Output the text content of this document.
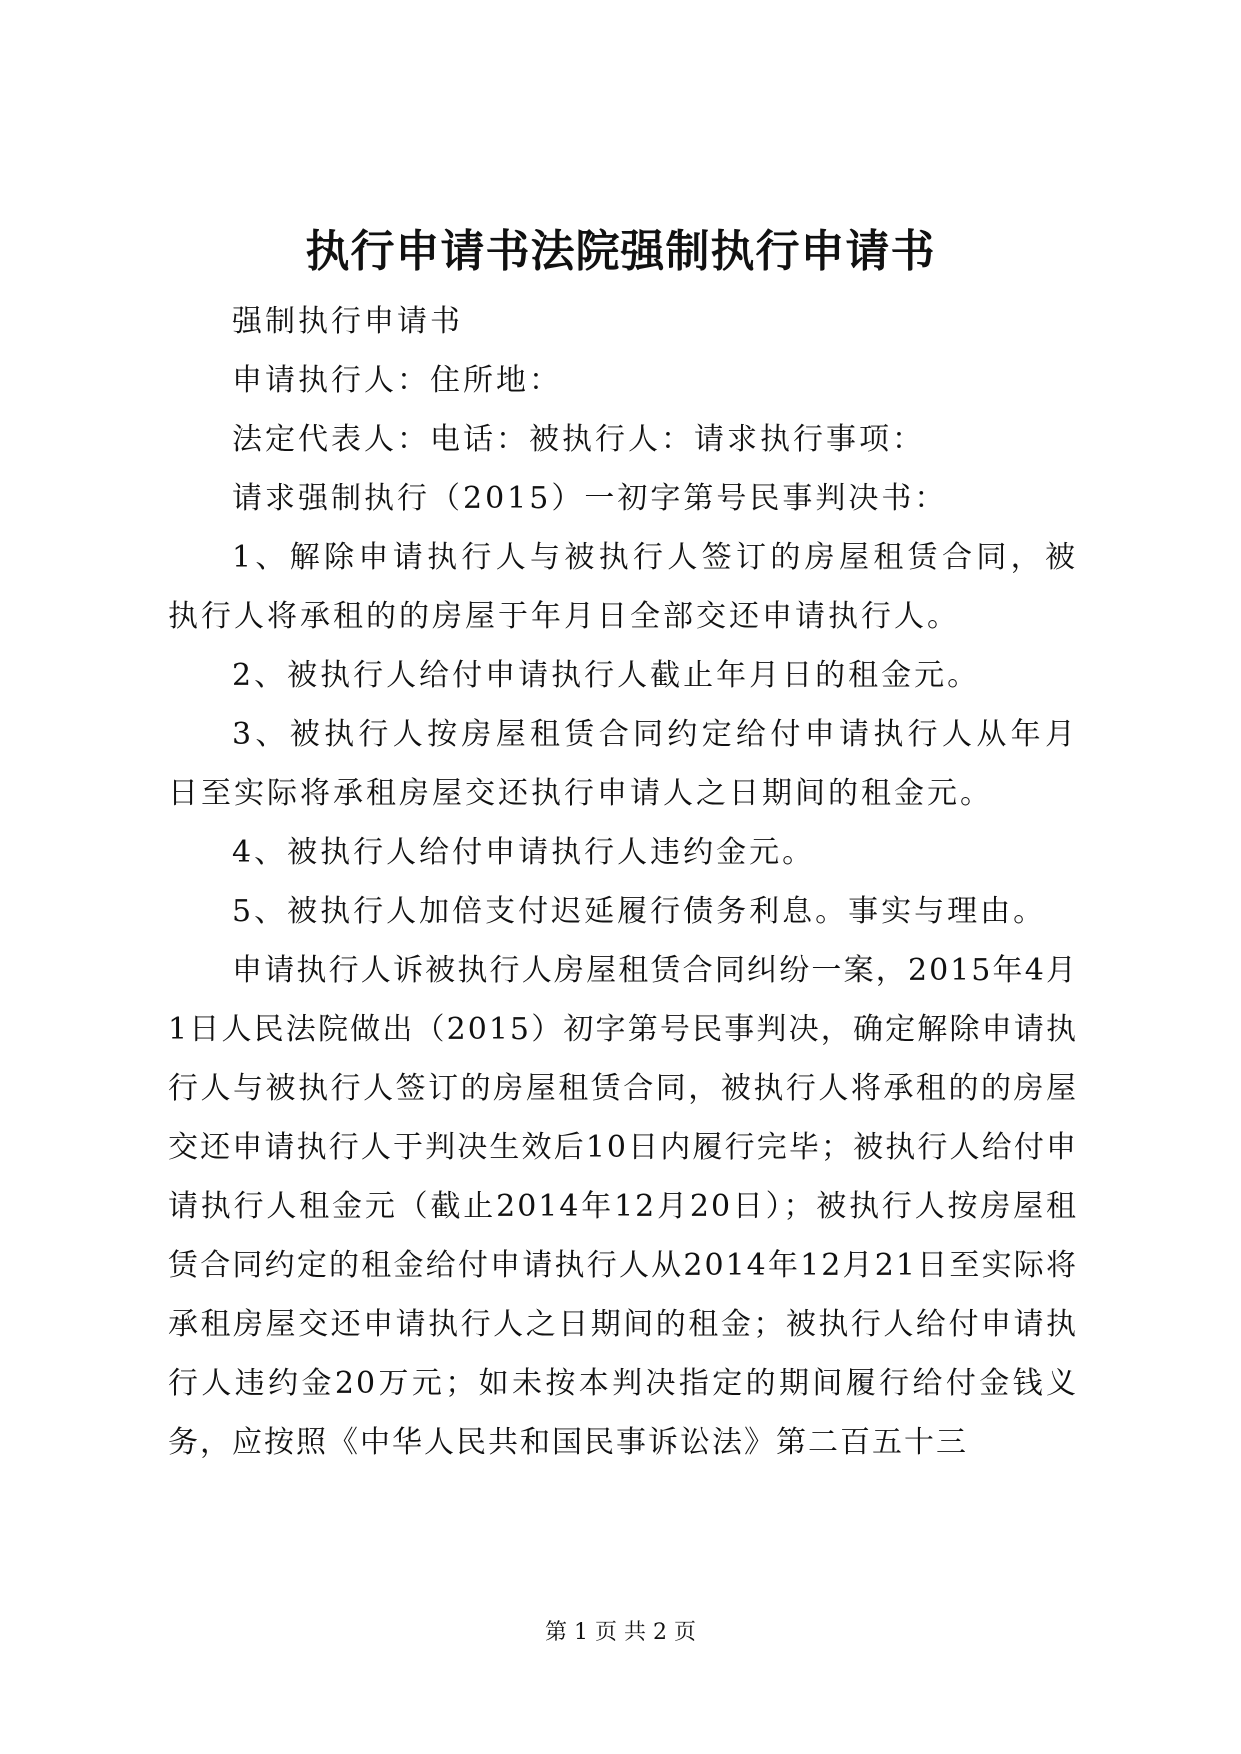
执行申请书法院强制执行申请书

强制执行申请书

申请执行人：住所地：

法定代表人：电话：被执行人：请求执行事项：

请求强制执行（2015）一初字第号民事判决书：

1、解除申请执行人与被执行人签订的房屋租赁合同，被执行人将承租的的房屋于年月日全部交还申请执行人。

2、被执行人给付申请执行人截止年月日的租金元。

3、被执行人按房屋租赁合同约定给付申请执行人从年月日至实际将承租房屋交还执行申请人之日期间的租金元。

4、被执行人给付申请执行人违约金元。

5、被执行人加倍支付迟延履行债务利息。事实与理由。

申请执行人诉被执行人房屋租赁合同纠纷一案，2015年4月1日人民法院做出（2015）初字第号民事判决，确定解除申请执行人与被执行人签订的房屋租赁合同，被执行人将承租的的房屋交还申请执行人于判决生效后10日内履行完毕；被执行人给付申请执行人租金元（截止2014年12月20日）；被执行人按房屋租赁合同约定的租金给付申请执行人从2014年12月21日至实际将承租房屋交还申请执行人之日期间的租金；被执行人给付申请执行人违约金20万元；如未按本判决指定的期间履行给付金钱义务，应按照《中华人民共和国民事诉讼法》第二百五十三

第 1 页 共 2 页
